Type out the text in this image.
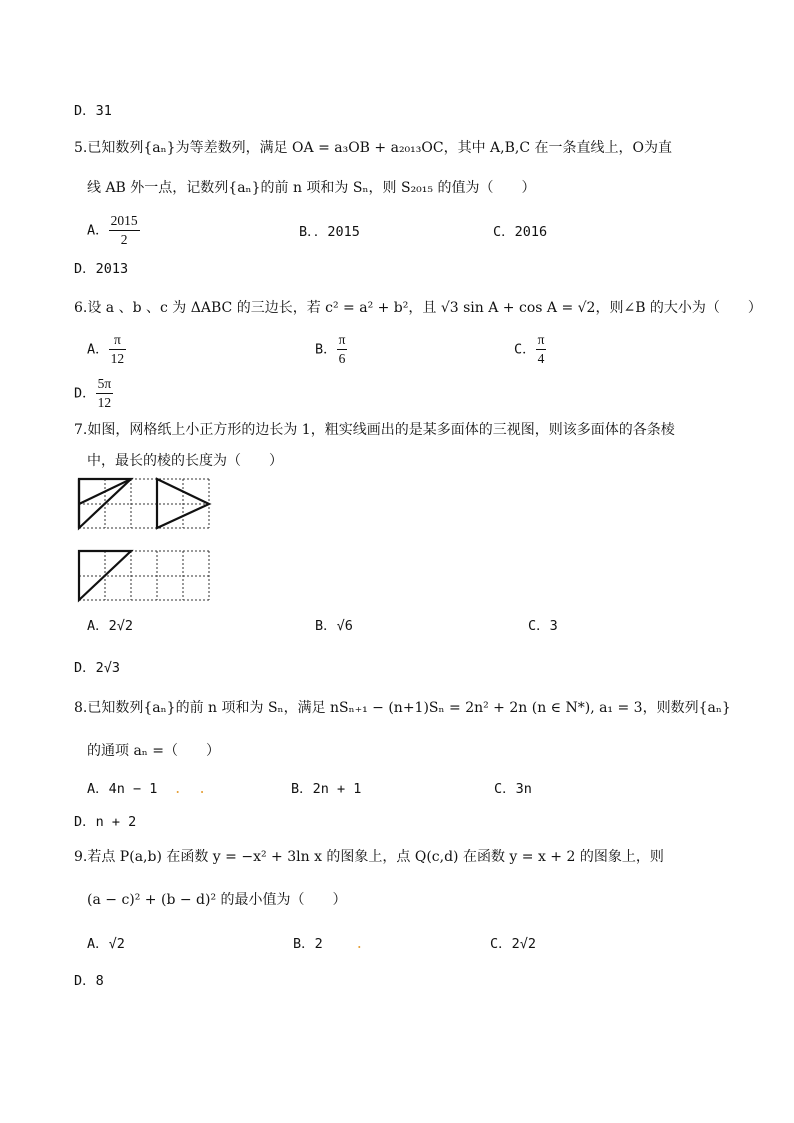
D．31
5.已知数列{aₙ}为等差数列，满足 OA = a₃OB + a₂₀₁₃OC，其中 A,B,C 在一条直线上，O为直
线 AB 外一点，记数列{aₙ}的前 n 项和为 Sₙ，则 S₂₀₁₅ 的值为（　　）
A． $\frac{2015}{2}$	B．．2015	C．2016
D．2013
6.设 a 、b 、c 为 ΔABC 的三边长，若 c² = a² + b²，且 √3 sin A + cos A = √2，则∠B 的大小为（　　）
A． $\frac{\pi}{12}$	B． $\frac{\pi}{6}$	C． $\frac{\pi}{4}$
D． $\frac{5\pi}{12}$
7.如图，网格纸上小正方形的边长为 1，粗实线画出的是某多面体的三视图，则该多面体的各条棱
中，最长的棱的长度为（　　）
A．2√2	B．√6	C．3
D．2√3
8.已知数列{aₙ}的前 n 项和为 Sₙ，满足 nSₙ₊₁ − (n+1)Sₙ = 2n² + 2n (n ∈ N*), a₁ = 3，则数列{aₙ}
的通项 aₙ =（　　）
A．4n − 1  .  .	B．2n + 1	C．3n
D．n + 2
9.若点 P(a,b) 在函数 y = −x² + 3ln x 的图象上，点 Q(c,d) 在函数 y = x + 2 的图象上，则
(a − c)² + (b − d)² 的最小值为（　　）
A．√2	B．2    .	C．2√2
D．8
